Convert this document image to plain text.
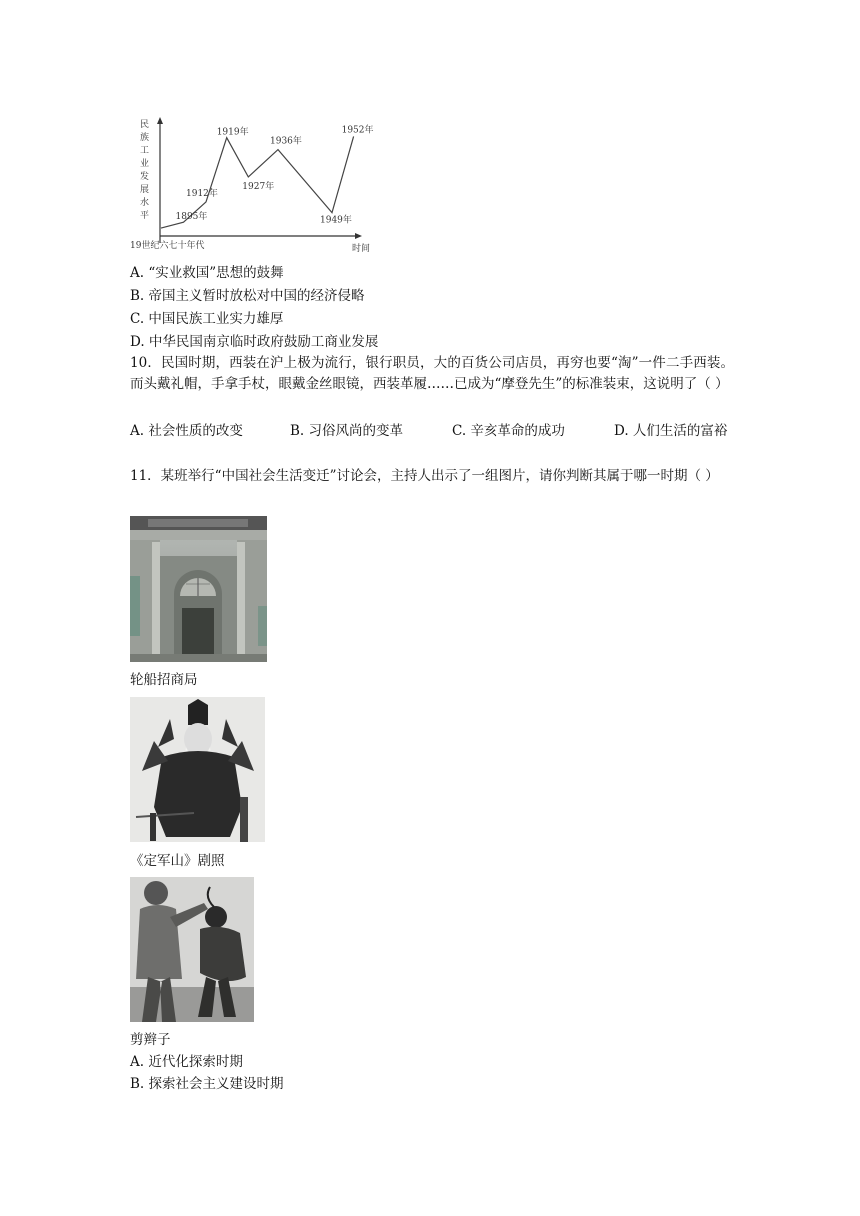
民
族
工
业
发
展
水
平	1895年
1912年
1919年
1927年
1936年
1949年
1952年
19世纪六七十年代	时间
A. “实业救国”思想的鼓舞
B. 帝国主义暂时放松对中国的经济侵略
C. 中国民族工业实力雄厚
D. 中华民国南京临时政府鼓励工商业发展
10．民国时期，西装在沪上极为流行，银行职员，大的百货公司店员，再穷也要“淘”一件二手西装。而头戴礼帽，手拿手杖，眼戴金丝眼镜，西装革履……已成为“摩登先生”的标准装束，这说明了（ ）
A. 社会性质的改变	B. 习俗风尚的变革	C. 辛亥革命的成功	D. 人们生活的富裕
11．某班举行“中国社会生活变迁”讨论会，主持人出示了一组图片，请你判断其属于哪一时期（ ）
轮船招商局
《定军山》剧照
剪辫子
A. 近代化探索时期
B. 探索社会主义建设时期
